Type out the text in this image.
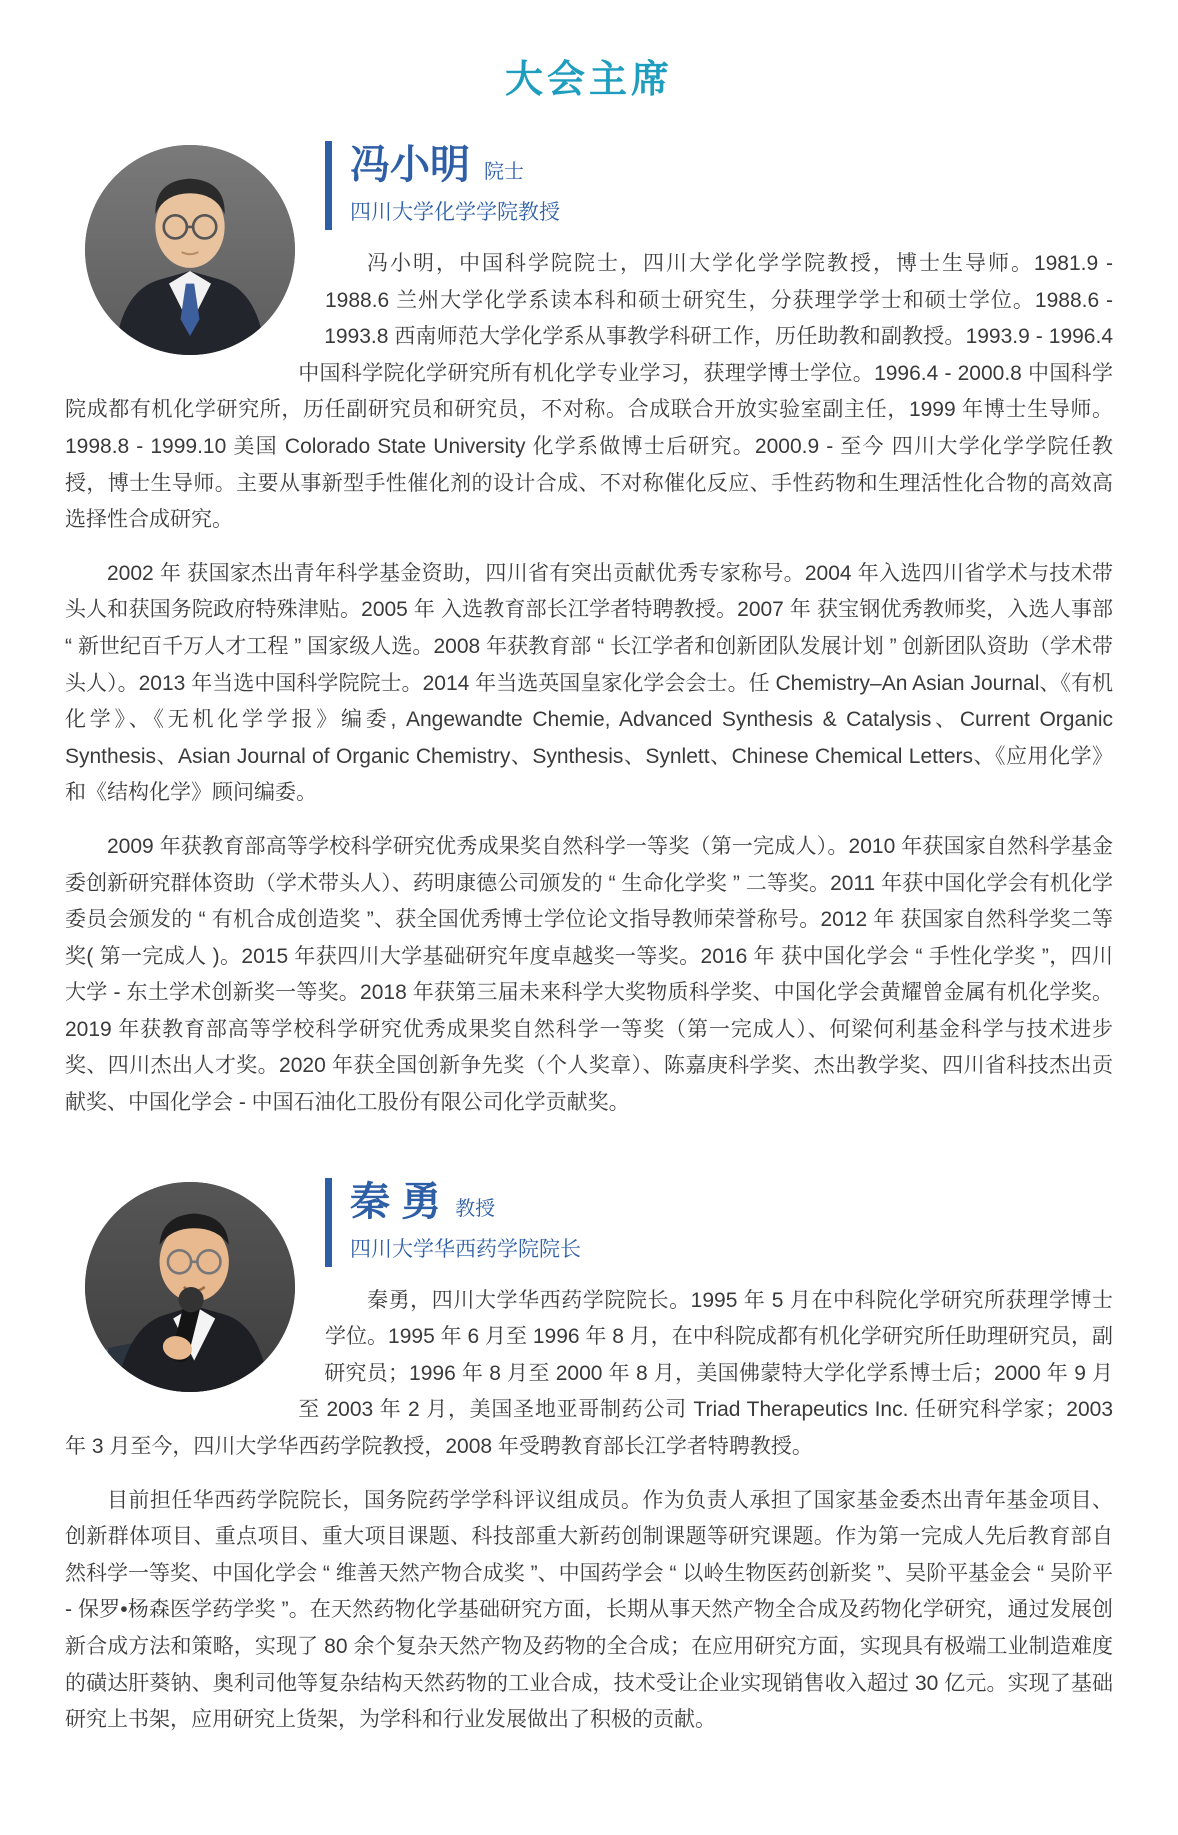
大会主席
冯小明 院士
四川大学化学学院教授

冯小明，中国科学院院士，四川大学化学学院教授，博士生导师。1981.9 - 1988.6 兰州大学化学系读本科和硕士研究生，分获理学学士和硕士学位。1988.6 - 1993.8 西南师范大学化学系从事教学科研工作，历任助教和副教授。1993.9 - 1996.4 中国科学院化学研究所有机化学专业学习，获理学博士学位。1996.4 - 2000.8 中国科学院成都有机化学研究所，历任副研究员和研究员，不对称。合成联合开放实验室副主任，1999 年博士生导师。1998.8 - 1999.10 美国 Colorado State University 化学系做博士后研究。2000.9 - 至今 四川大学化学学院任教授，博士生导师。主要从事新型手性催化剂的设计合成、不对称催化反应、手性药物和生理活性化合物的高效高选择性合成研究。

2002 年 获国家杰出青年科学基金资助，四川省有突出贡献优秀专家称号。2004 年入选四川省学术与技术带头人和获国务院政府特殊津贴。2005 年 入选教育部长江学者特聘教授。2007 年 获宝钢优秀教师奖，入选人事部 “ 新世纪百千万人才工程 ” 国家级人选。2008 年获教育部 “ 长江学者和创新团队发展计划 ” 创新团队资助（学术带头人）。2013 年当选中国科学院院士。2014 年当选英国皇家化学会会士。任 Chemistry–An Asian Journal、《有机化学》、《无机化学学报》编委, Angewandte Chemie, Advanced Synthesis & Catalysis、Current Organic Synthesis、Asian Journal of Organic Chemistry、Synthesis、Synlett、Chinese Chemical Letters、《应用化学》和《结构化学》顾问编委。

2009 年获教育部高等学校科学研究优秀成果奖自然科学一等奖（第一完成人）。2010 年获国家自然科学基金委创新研究群体资助（学术带头人）、药明康德公司颁发的 “ 生命化学奖 ” 二等奖。2011 年获中国化学会有机化学委员会颁发的 “ 有机合成创造奖 ”、获全国优秀博士学位论文指导教师荣誉称号。2012 年 获国家自然科学奖二等奖( 第一完成人 )。2015 年获四川大学基础研究年度卓越奖一等奖。2016 年 获中国化学会 “ 手性化学奖 ”，四川大学 - 东土学术创新奖一等奖。2018 年获第三届未来科学大奖物质科学奖、中国化学会黄耀曾金属有机化学奖。2019 年获教育部高等学校科学研究优秀成果奖自然科学一等奖（第一完成人）、何梁何利基金科学与技术进步奖、四川杰出人才奖。2020 年获全国创新争先奖（个人奖章）、陈嘉庚科学奖、杰出教学奖、四川省科技杰出贡献奖、中国化学会 - 中国石油化工股份有限公司化学贡献奖。

秦 勇 教授
四川大学华西药学院院长

秦勇，四川大学华西药学院院长。1995 年 5 月在中科院化学研究所获理学博士学位。1995 年 6 月至 1996 年 8 月，在中科院成都有机化学研究所任助理研究员，副研究员；1996 年 8 月至 2000 年 8 月，美国佛蒙特大学化学系博士后；2000 年 9 月至 2003 年 2 月，美国圣地亚哥制药公司 Triad Therapeutics Inc. 任研究科学家；2003 年 3 月至今，四川大学华西药学院教授，2008 年受聘教育部长江学者特聘教授。

目前担任华西药学院院长，国务院药学学科评议组成员。作为负责人承担了国家基金委杰出青年基金项目、创新群体项目、重点项目、重大项目课题、科技部重大新药创制课题等研究课题。作为第一完成人先后教育部自然科学一等奖、中国化学会 “ 维善天然产物合成奖 ”、中国药学会 “ 以岭生物医药创新奖 ”、吴阶平基金会 “ 吴阶平 - 保罗•杨森医学药学奖 ”。在天然药物化学基础研究方面，长期从事天然产物全合成及药物化学研究，通过发展创新合成方法和策略，实现了 80 余个复杂天然产物及药物的全合成；在应用研究方面，实现具有极端工业制造难度的磺达肝葵钠、奥利司他等复杂结构天然药物的工业合成，技术受让企业实现销售收入超过 30 亿元。实现了基础研究上书架，应用研究上货架，为学科和行业发展做出了积极的贡献。
